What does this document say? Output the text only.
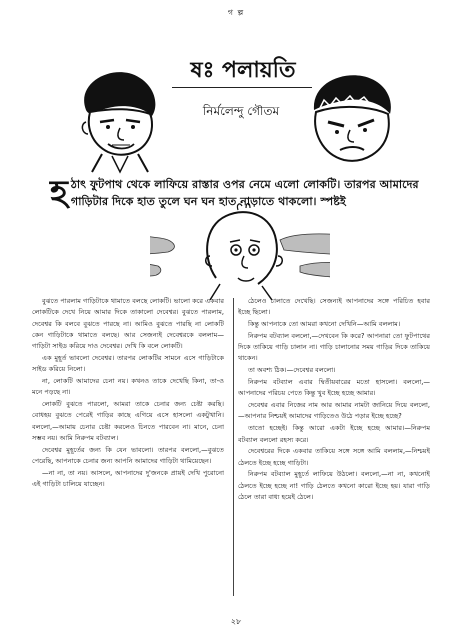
গ ল্প
ষঃ পলায়তি
নির্মলেন্দু গৌতম

হঠাৎ ফুটপাথ থেকে লাফিয়ে রাস্তার ওপর নেমে এলো লোকটি। তারপর আমাদের গাড়িটার দিকে হাত তুলে ঘন ঘন হাত নাড়াতে থাকলো। স্পষ্টই

বুঝতে পারলাম গাড়িটাকে থামাতে বলছে লোকটি। ভালো করে একবার লোকটিকে দেখে নিয়ে আমার দিকে তাকালো দেবেশ্বর। বুঝতে পারলাম, দেবেশ্বর কি বলবে বুঝতে পারছে না। আমিও বুঝতে পারছি না লোকটি কেন গাড়িটাকে থামাতে বলছে। আর সেজন্যই দেবেশ্বরকে বললাম—গাড়িটা সাইড করিয়ে দাও দেবেশ্বর। দেখি কি বলে লোকটি।

এক মুহূর্ত ভাবলো দেবেশ্বর। তারপর লোকটির সামনে এসে গাড়িটাকে সাইড করিয়ে নিলো।

না, লোকটি আমাদের চেনা নয়। কখনও তাকে দেখেছি কিনা, তা-ও মনে পড়ছে না।

লোকটি বুঝতে পারলো, আমরা তাকে চেনার জন্য চেষ্টা করছি। বোধহয় বুঝতে পেরেই গাড়ির কাছে এগিয়ে এসে হাসলো একটুখানি। বললো,—আমায় চেনার চেষ্টা করলেও চিনতে পারবেন না। মানে, চেনা সম্ভব নয়। আমি নিরুপম বটব্যাল।

দেবেশ্বর মুহূর্তের জন্য কি যেন ভাবলো। তারপর বললো,—বুঝতে পেরেছি, আপনাকে চেনার জন্য আপনি আমাদের গাড়িটা থামিয়েছেন।

—না না, তা নয়। আসলে, আপনাদের দু'জনকে প্রায়ই দেখি পুরোনো এই গাড়িটা চালিয়ে যাচ্ছেন।

ঠেলেও চালাতে দেখেছি। সেজন্যই আপনাদের সঙ্গে পরিচিত হবার ইচ্ছে ছিলো।

কিন্তু আপনাকে তো আমরা কখনো দেখিনি—আমি বললাম।

নিরুপম বটব্যাল বললো,—দেখবেন কি করে? আপনারা তো ফুটপাথের দিকে তাকিয়ে গাড়ি চালান না। গাড়ি চালানোর সময় গাড়ির দিকে তাকিয়ে থাকেন।

তা অবশ্য ঠিক।—দেবেশ্বর বললো।

নিরুপম বটব্যাল এবার দ্বিতীয়বারের মতো হাসলো। বললো,—আপনাদের পরিচয় পেতে কিন্তু খুব ইচ্ছে হচ্ছে আমার।

দেবেশ্বর এবার নিজের নাম আর আমার নামটা জানিয়ে দিয়ে বললো,—আপনার নিশ্চয়ই আমাদের গাড়িতেও উঠে পড়ার ইচ্ছে হচ্ছে?

তাতো হচ্ছেই। কিন্তু আরো একটা ইচ্ছে হচ্ছে আমার।—নিরুপম বটব্যাল বললো রহস্য করে।

দেবেশ্বরের দিকে একবার তাকিয়ে সঙ্গে সঙ্গে আমি বললাম,—নিশ্চয়ই ঠেলতে ইচ্ছে হচ্ছে গাড়িটা।

নিরুপম বটব্যাল মুহূর্তে লাফিয়ে উঠলো। বললো,—না না, কখনোই ঠেলতে ইচ্ছে হচ্ছে না! গাড়ি ঠেলতে কখনো কারো ইচ্ছে হয়। যারা গাড়ি ঠেলে তারা বাধ্য হয়েই ঠেলে।

২৮
